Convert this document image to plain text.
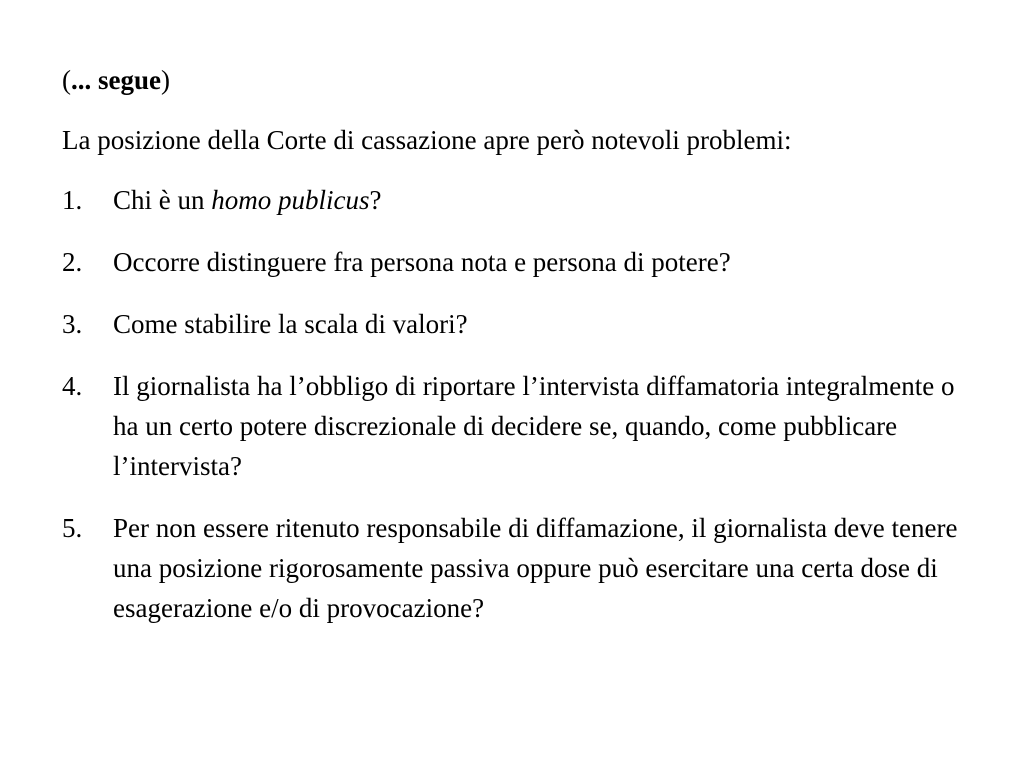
(... segue)
La posizione della Corte di cassazione apre però notevoli problemi:
1. Chi è un homo publicus?
2. Occorre distinguere fra persona nota e persona di potere?
3. Come stabilire la scala di valori?
4. Il giornalista ha l’obbligo di riportare l’intervista diffamatoria integralmente o ha un certo potere discrezionale di decidere se, quando, come pubblicare l’intervista?
5. Per non essere ritenuto responsabile di diffamazione, il giornalista deve tenere una posizione rigorosamente passiva oppure può esercitare una certa dose di esagerazione e/o di provocazione?
